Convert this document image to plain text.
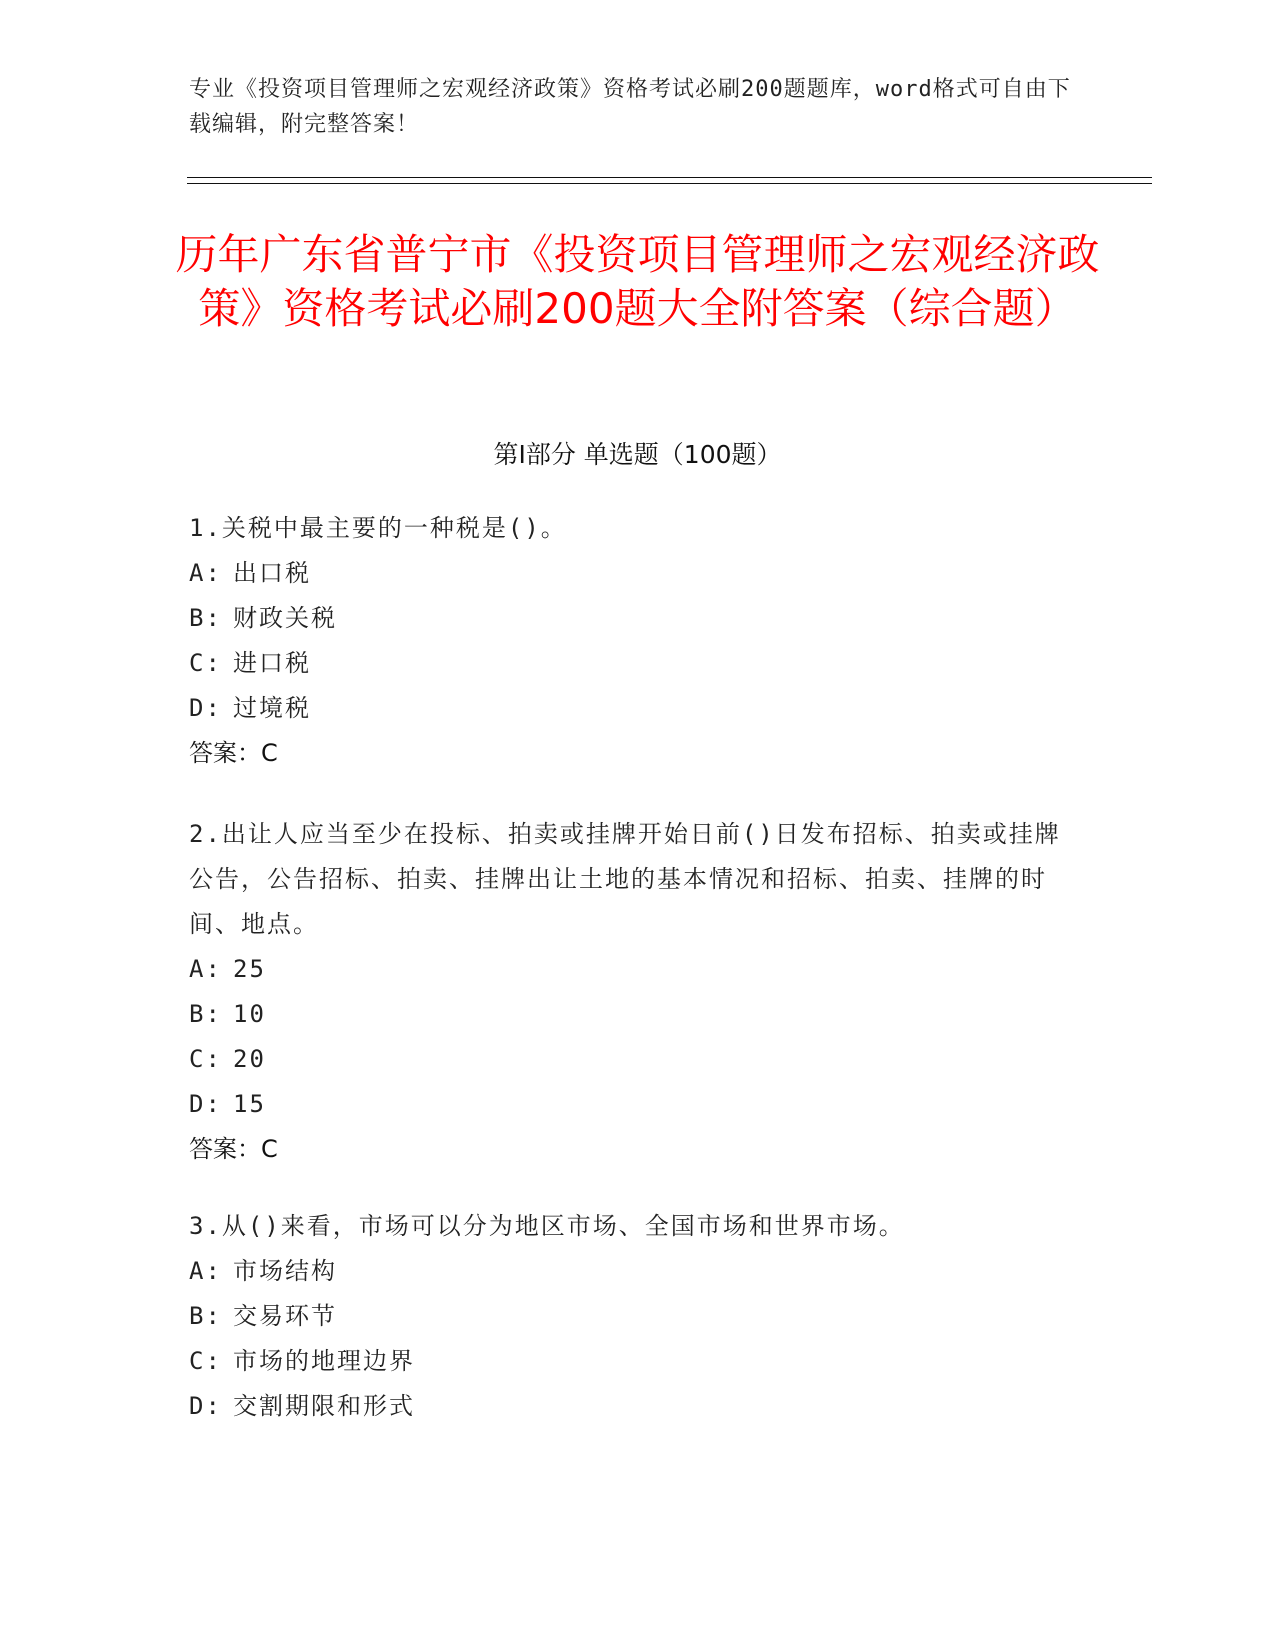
专业《投资项目管理师之宏观经济政策》资格考试必刷200题题库，word格式可自由下载编辑，附完整答案！
历年广东省普宁市《投资项目管理师之宏观经济政策》资格考试必刷200题大全附答案（综合题）
第Ⅰ部分 单选题（100题）

1.关税中最主要的一种税是()。

A: 出口税
B: 财政关税
C: 进口税
D: 过境税
答案：C

2.出让人应当至少在投标、拍卖或挂牌开始日前()日发布招标、拍卖或挂牌公告，公告招标、拍卖、挂牌出让土地的基本情况和招标、拍卖、挂牌的时间、地点。

A: 25
B: 10
C: 20
D: 15
答案：C

3.从()来看，市场可以分为地区市场、全国市场和世界市场。

A: 市场结构
B: 交易环节
C: 市场的地理边界
D: 交割期限和形式
